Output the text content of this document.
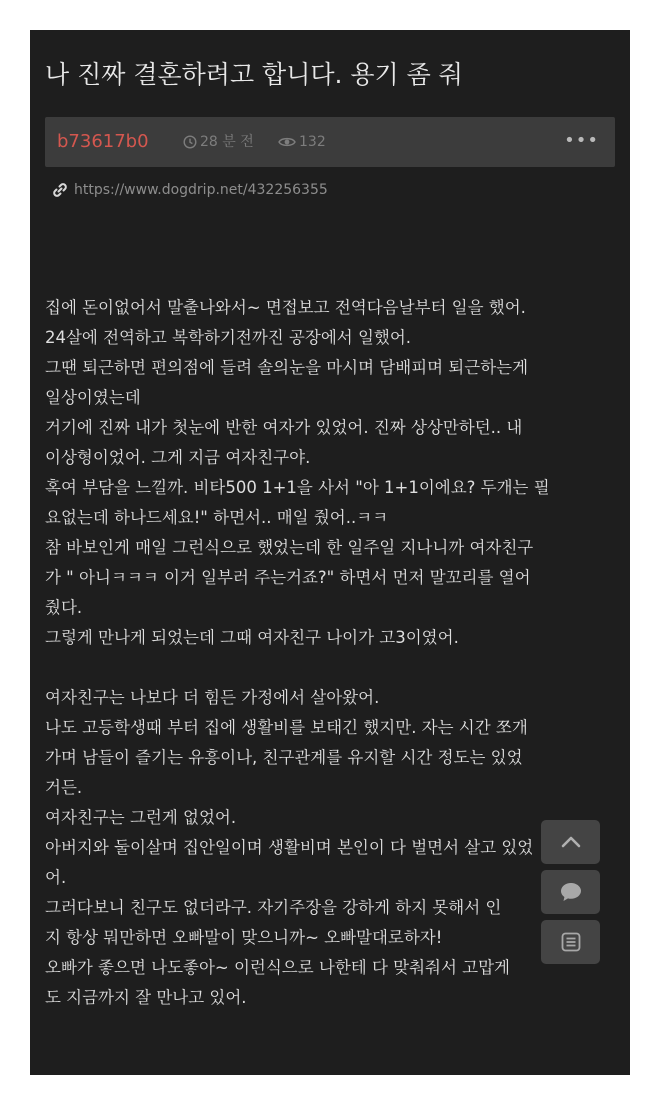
나 진짜 결혼하려고 합니다. 용기 좀 줘
b73617b0	28 분 전	132	•••
https://www.dogdrip.net/432256355

집에 돈이없어서 말출나와서~ 면접보고 전역다음날부터 일을 했어.

24살에 전역하고 복학하기전까진 공장에서 일했어.

그땐 퇴근하면 편의점에 들려 솔의눈을 마시며 담배피며 퇴근하는게

일상이였는데

거기에 진짜 내가 첫눈에 반한 여자가 있었어. 진짜 상상만하던.. 내

이상형이었어. 그게 지금 여자친구야.

혹여 부담을 느낄까. 비타500 1+1을 사서 "아 1+1이에요? 두개는 필

요없는데 하나드세요!" 하면서.. 매일 줬어..ㅋㅋ

참 바보인게 매일 그런식으로 했었는데 한 일주일 지나니까 여자친구

가 " 아니ㅋㅋㅋ 이거 일부러 주는거죠?" 하면서 먼저 말꼬리를 열어

줬다.

그렇게 만나게 되었는데 그때 여자친구 나이가 고3이였어.

여자친구는 나보다 더 힘든 가정에서 살아왔어.

나도 고등학생때 부터 집에 생활비를 보태긴 했지만. 자는 시간 쪼개

가며 남들이 즐기는 유흥이나, 친구관계를 유지할 시간 정도는 있었

거든.

여자친구는 그런게 없었어.

아버지와 둘이살며 집안일이며 생활비며 본인이 다 벌면서 살고 있었

어.

그러다보니 친구도 없더라구. 자기주장을 강하게 하지 못해서 인

지 항상 뭐만하면 오빠말이 맞으니까~ 오빠말대로하자!

오빠가 좋으면 나도좋아~ 이런식으로 나한테 다 맞춰줘서 고맙게

도 지금까지 잘 만나고 있어.
